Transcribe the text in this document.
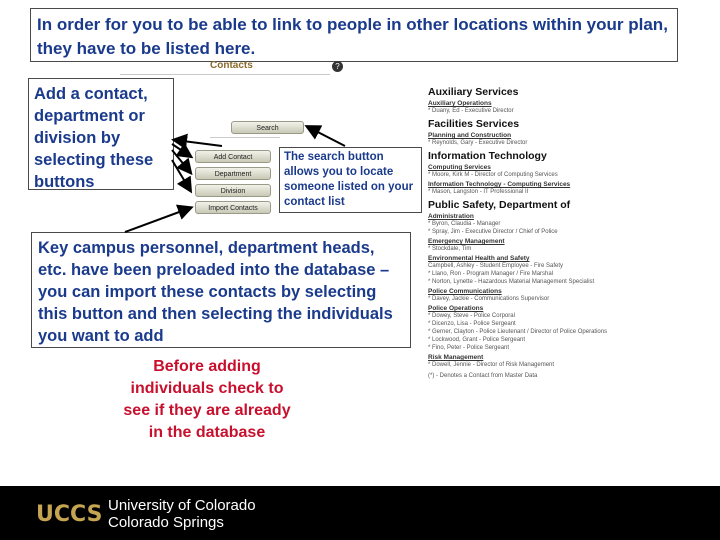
In order for you to be able to link to people in other locations within your plan, they have to be listed here.
Contacts	?
Add a contact, department or division by selecting these buttons
Search
Add Contact
Department
Division
Import Contacts
The search button allows you to locate someone listed on your contact list
Key campus personnel, department heads, etc. have been preloaded into the database – you can import these contacts by selecting this button and then selecting the individuals you want to add
Before adding individuals check to see if they are already in the database
Auxiliary Services
Auxiliary Operations
* Duany, Ed - Executive Director
Facilities Services
Planning and Construction
* Reynolds, Gary - Executive Director
Information Technology
Computing Services
* Moore, Kirk M - Director of Computing Services
Information Technology - Computing Services
* Mason, Langston - IT Professional II
Public Safety, Department of
Administration
* Byron, Claudia - Manager
* Spray, Jim - Executive Director / Chief of Police
Emergency Management
* Stockdale, Tim
Environmental Health and Safety
Campbell, Ashley - Student Employee - Fire Safety
* Llano, Ron - Program Manager / Fire Marshal
* Norton, Lynette - Hazardous Material Management Specialist
Police Communications
* Davey, Jackie - Communications Supervisor
Police Operations
* Dowey, Steve - Police Corporal
* Dicenzo, Lisa - Police Sergeant
* Gerner, Clayton - Police Lieutenant / Director of Police Operations
* Lockwood, Grant - Police Sergeant
* Fino, Peter - Police Sergeant
Risk Management
* Dowell, Jennie - Director of Risk Management
(*) - Denotes a Contact from Master Data
UCCS University of Colorado
Colorado Springs
